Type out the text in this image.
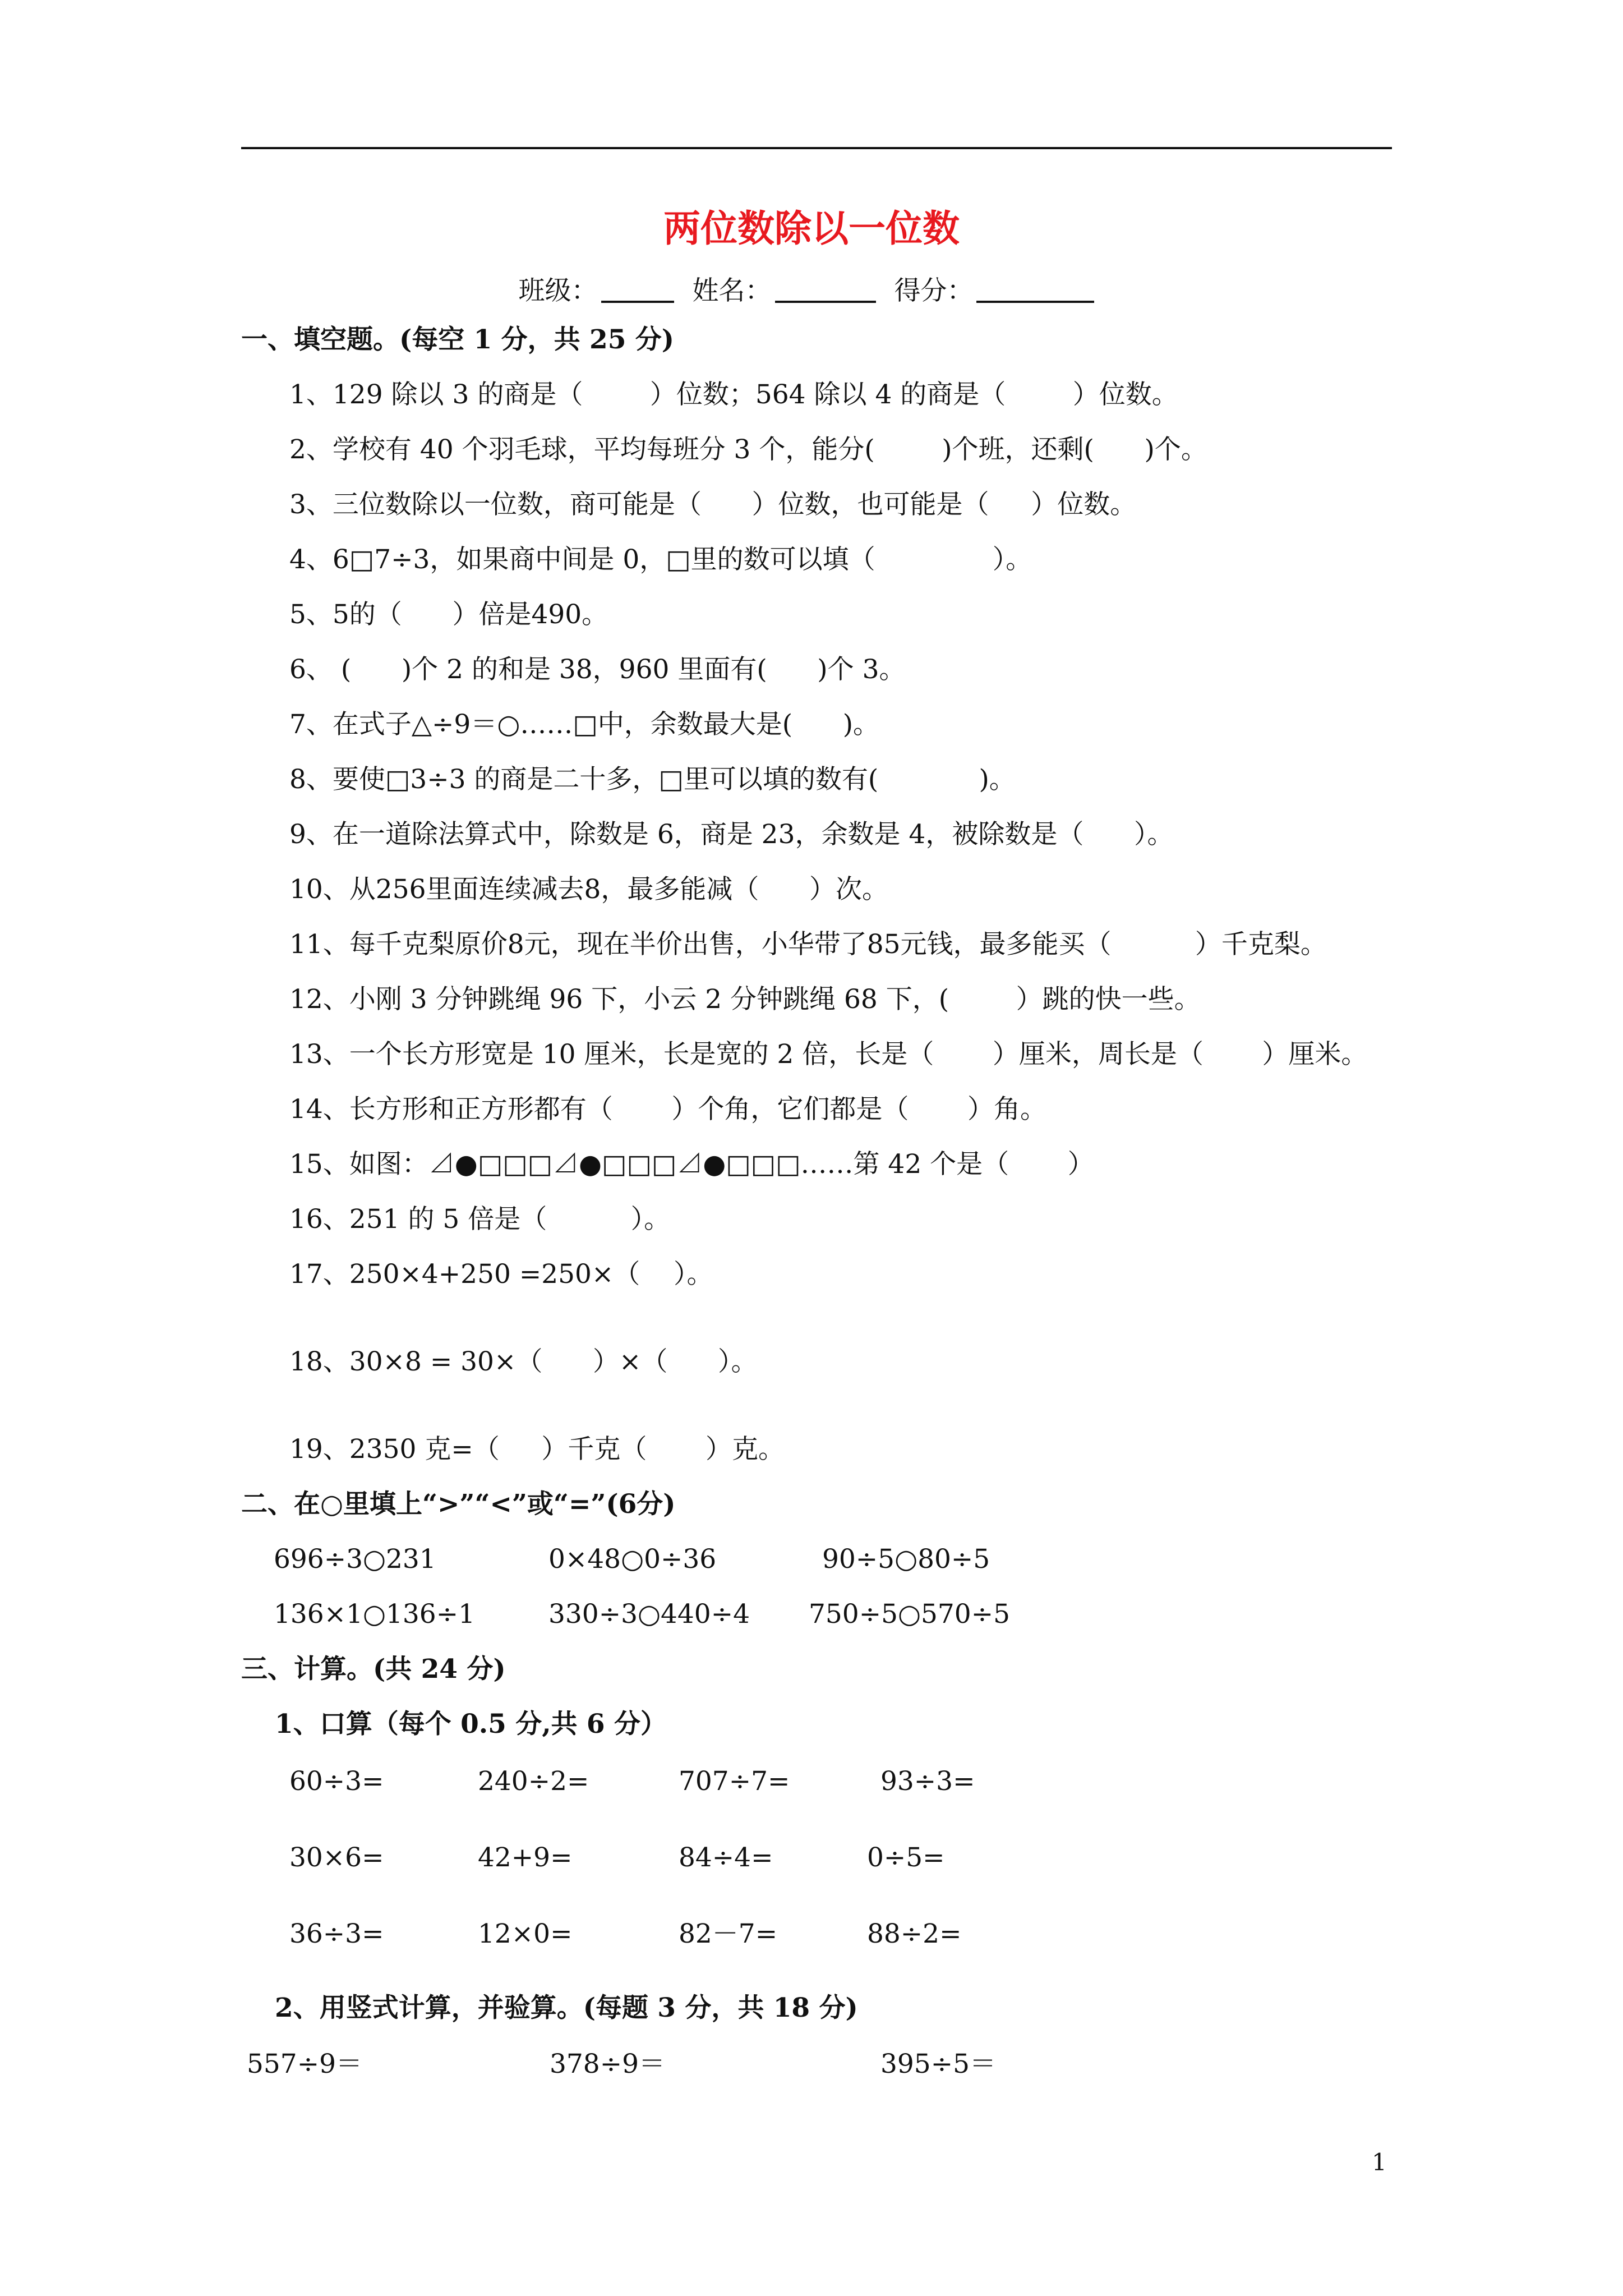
两位数除以一位数
班级：	姓名：	得分：
一、填空题。(每空 1 分，共 25 分)
1、129 除以 3 的商是（        ）位数；564 除以 4 的商是（        ）位数。
2、学校有 40 个羽毛球，平均每班分 3 个，能分(        )个班，还剩(      )个。
3、三位数除以一位数，商可能是（      ）位数，也可能是（     ）位数。
4、6□7÷3，如果商中间是 0，□里的数可以填（              ）。
5、5的（      ）倍是490。
6、 (      )个 2 的和是 38，960 里面有(      )个 3。
7、在式子△÷9＝○……□中，余数最大是(      )。
8、要使□3÷3 的商是二十多，□里可以填的数有(            )。
9、在一道除法算式中，除数是 6，商是 23，余数是 4，被除数是（      ）。
10、从256里面连续减去8，最多能减（      ）次。
11、每千克梨原价8元，现在半价出售，小华带了85元钱，最多能买（          ）千克梨。
12、小刚 3 分钟跳绳 96 下，小云 2 分钟跳绳 68 下，(        ）跳的快一些。
13、一个长方形宽是 10 厘米，长是宽的 2 倍，长是（       ）厘米，周长是（       ）厘米。
14、长方形和正方形都有（       ）个角，它们都是（       ）角。
15、如图：⊿●□□□⊿●□□□⊿●□□□……第 42 个是（       ）
16、251 的 5 倍是（          ）。
17、250×4+250 =250×（    ）。
18、30×8 = 30×（      ）×（      ）。
19、2350 克=（     ）千克（       ）克。
二、在○里填上“>”“<”或“=”(6分)
696÷3○231	0×48○0÷36	90÷5○80÷5
136×1○136÷1	330÷3○440÷4 750÷5○570÷5
三、计算。(共 24 分)
1、口算（每个 0.5 分,共 6 分）
60÷3=	240÷2=	707÷7=	93÷3=
30×6=	42+9=	84÷4=	0÷5=
36÷3=	12×0=	82－7=	88÷2=
2、用竖式计算，并验算。(每题 3 分，共 18 分)
557÷9＝	378÷9＝	395÷5＝
1
